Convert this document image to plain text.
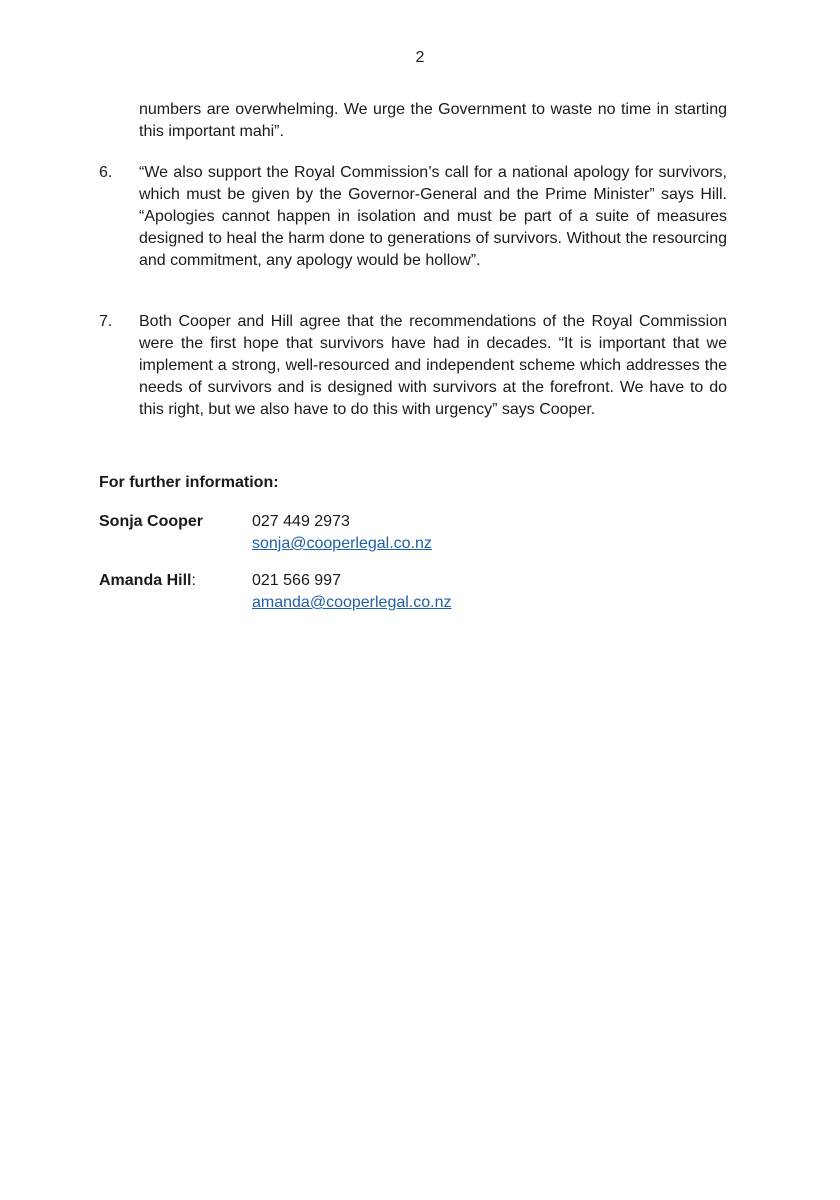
2
numbers are overwhelming. We urge the Government to waste no time in starting this important mahi”.
6.	“We also support the Royal Commission’s call for a national apology for survivors, which must be given by the Governor-General and the Prime Minister” says Hill. “Apologies cannot happen in isolation and must be part of a suite of measures designed to heal the harm done to generations of survivors. Without the resourcing and commitment, any apology would be hollow”.
7.	Both Cooper and Hill agree that the recommendations of the Royal Commission were the first hope that survivors have had in decades. “It is important that we implement a strong, well-resourced and independent scheme which addresses the needs of survivors and is designed with survivors at the forefront. We have to do this right, but we also have to do this with urgency” says Cooper.
For further information:
Sonja Cooper	027 449 2973
sonja@cooperlegal.co.nz
Amanda Hill:	021 566 997
amanda@cooperlegal.co.nz
